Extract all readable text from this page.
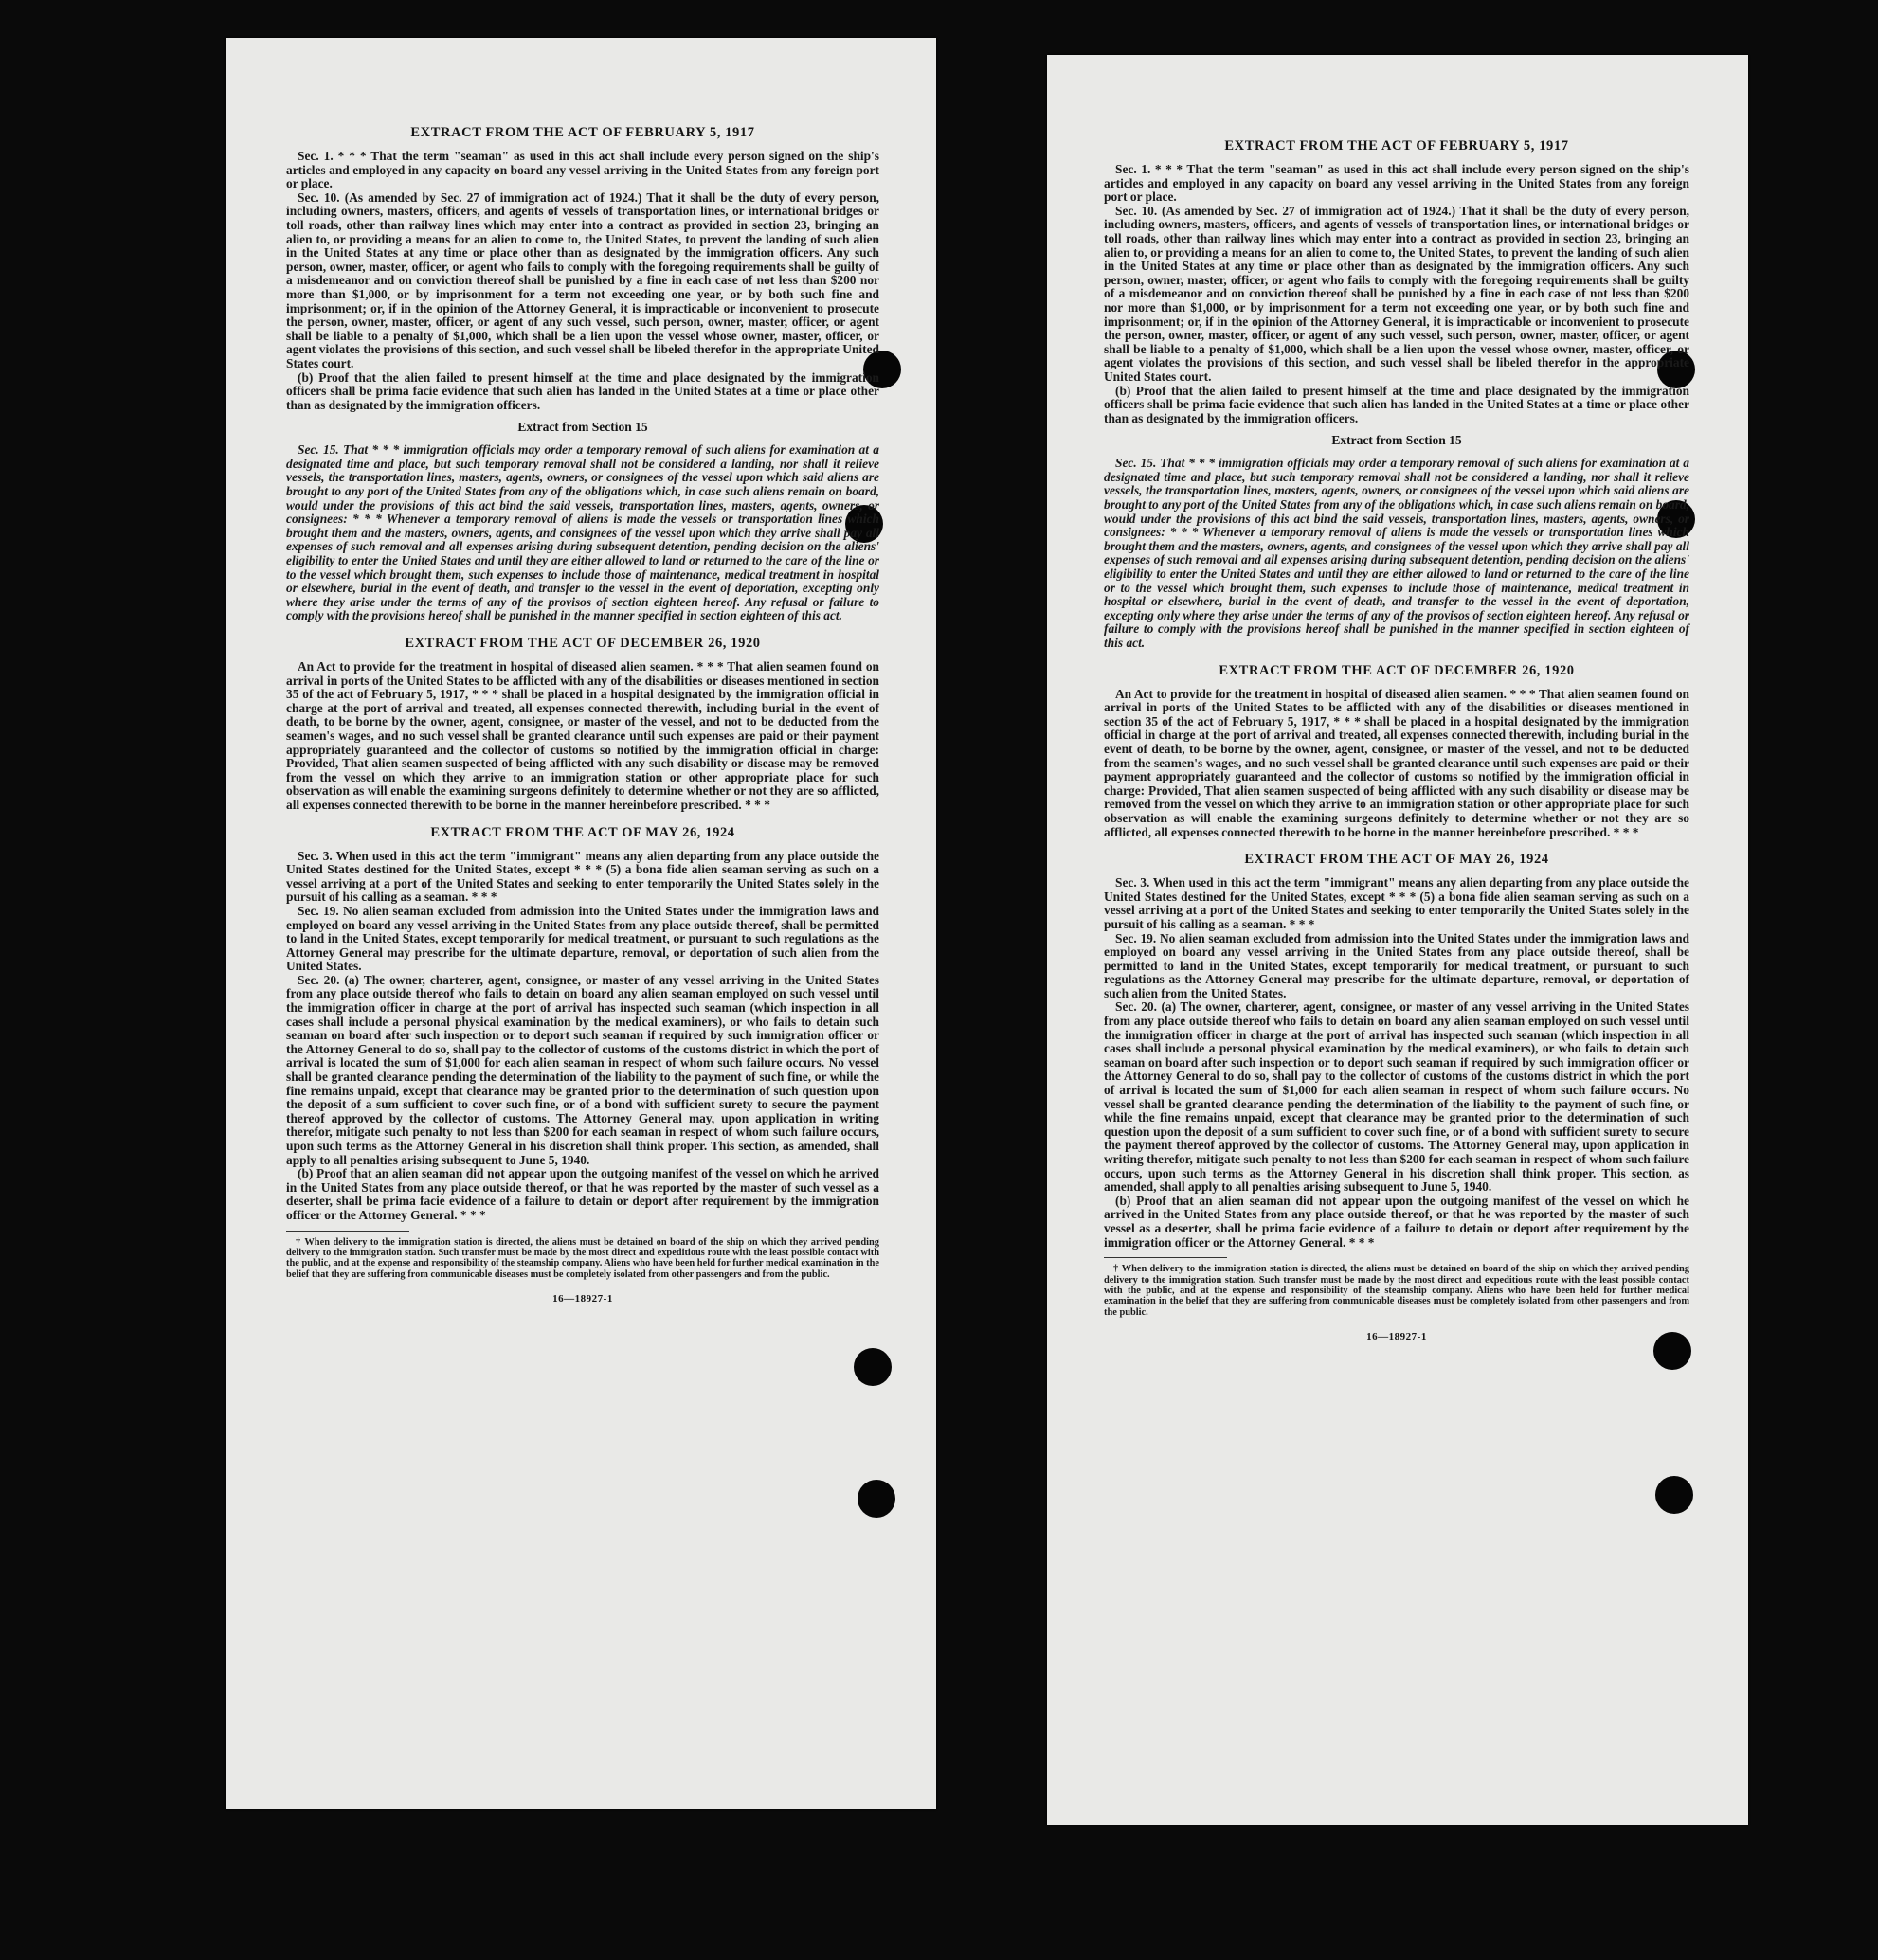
EXTRACT FROM THE ACT OF FEBRUARY 5, 1917

Sec. 1. * * * That the term "seaman" as used in this act shall include every person signed on the ship's articles and employed in any capacity on board any vessel arriving in the United States from any foreign port or place.

Sec. 10. (As amended by Sec. 27 of immigration act of 1924.) That it shall be the duty of every person, including owners, masters, officers, and agents of vessels of transportation lines, or international bridges or toll roads, other than railway lines which may enter into a contract as provided in section 23, bringing an alien to, or providing a means for an alien to come to, the United States, to prevent the landing of such alien in the United States at any time or place other than as designated by the immigration officers. Any such person, owner, master, officer, or agent who fails to comply with the foregoing requirements shall be guilty of a misdemeanor and on conviction thereof shall be punished by a fine in each case of not less than $200 nor more than $1,000, or by imprisonment for a term not exceeding one year, or by both such fine and imprisonment; or, if in the opinion of the Attorney General, it is impracticable or inconvenient to prosecute the person, owner, master, officer, or agent of any such vessel, such person, owner, master, officer, or agent shall be liable to a penalty of $1,000, which shall be a lien upon the vessel whose owner, master, officer, or agent violates the provisions of this section, and such vessel shall be libeled therefor in the appropriate United States court.

(b) Proof that the alien failed to present himself at the time and place designated by the immigration officers shall be prima facie evidence that such alien has landed in the United States at a time or place other than as designated by the immigration officers.

Extract from Section 15

Sec. 15. That * * * immigration officials may order a temporary removal of such aliens for examination at a designated time and place, but such temporary removal shall not be considered a landing, nor shall it relieve vessels, the transportation lines, masters, agents, owners, or consignees of the vessel upon which said aliens are brought to any port of the United States from any of the obligations which, in case such aliens remain on board, would under the provisions of this act bind the said vessels, transportation lines, masters, agents, owners, or consignees: * * * Whenever a temporary removal of aliens is made the vessels or transportation lines which brought them and the masters, owners, agents, and consignees of the vessel upon which they arrive shall pay all expenses of such removal and all expenses arising during subsequent detention, pending decision on the aliens' eligibility to enter the United States and until they are either allowed to land or returned to the care of the line or to the vessel which brought them, such expenses to include those of maintenance, medical treatment in hospital or elsewhere, burial in the event of death, and transfer to the vessel in the event of deportation, excepting only where they arise under the terms of any of the provisos of section eighteen hereof. Any refusal or failure to comply with the provisions hereof shall be punished in the manner specified in section eighteen of this act.

EXTRACT FROM THE ACT OF DECEMBER 26, 1920

An Act to provide for the treatment in hospital of diseased alien seamen. * * * That alien seamen found on arrival in ports of the United States to be afflicted with any of the disabilities or diseases mentioned in section 35 of the act of February 5, 1917, * * * shall be placed in a hospital designated by the immigration official in charge at the port of arrival and treated, all expenses connected therewith, including burial in the event of death, to be borne by the owner, agent, consignee, or master of the vessel, and not to be deducted from the seamen's wages, and no such vessel shall be granted clearance until such expenses are paid or their payment appropriately guaranteed and the collector of customs so notified by the immigration official in charge: Provided, That alien seamen suspected of being afflicted with any such disability or disease may be removed from the vessel on which they arrive to an immigration station or other appropriate place for such observation as will enable the examining surgeons definitely to determine whether or not they are so afflicted, all expenses connected therewith to be borne in the manner hereinbefore prescribed. * * *

EXTRACT FROM THE ACT OF MAY 26, 1924

Sec. 3. When used in this act the term "immigrant" means any alien departing from any place outside the United States destined for the United States, except * * * (5) a bona fide alien seaman serving as such on a vessel arriving at a port of the United States and seeking to enter temporarily the United States solely in the pursuit of his calling as a seaman. * * *

Sec. 19. No alien seaman excluded from admission into the United States under the immigration laws and employed on board any vessel arriving in the United States from any place outside thereof, shall be permitted to land in the United States, except temporarily for medical treatment, or pursuant to such regulations as the Attorney General may prescribe for the ultimate departure, removal, or deportation of such alien from the United States.

Sec. 20. (a) The owner, charterer, agent, consignee, or master of any vessel arriving in the United States from any place outside thereof who fails to detain on board any alien seaman employed on such vessel until the immigration officer in charge at the port of arrival has inspected such seaman (which inspection in all cases shall include a personal physical examination by the medical examiners), or who fails to detain such seaman on board after such inspection or to deport such seaman if required by such immigration officer or the Attorney General to do so, shall pay to the collector of customs of the customs district in which the port of arrival is located the sum of $1,000 for each alien seaman in respect of whom such failure occurs. No vessel shall be granted clearance pending the determination of the liability to the payment of such fine, or while the fine remains unpaid, except that clearance may be granted prior to the determination of such question upon the deposit of a sum sufficient to cover such fine, or of a bond with sufficient surety to secure the payment thereof approved by the collector of customs. The Attorney General may, upon application in writing therefor, mitigate such penalty to not less than $200 for each seaman in respect of whom such failure occurs, upon such terms as the Attorney General in his discretion shall think proper. This section, as amended, shall apply to all penalties arising subsequent to June 5, 1940.

(b) Proof that an alien seaman did not appear upon the outgoing manifest of the vessel on which he arrived in the United States from any place outside thereof, or that he was reported by the master of such vessel as a deserter, shall be prima facie evidence of a failure to detain or deport after requirement by the immigration officer or the Attorney General. * * *

† When delivery to the immigration station is directed, the aliens must be detained on board of the ship on which they arrived pending delivery to the immigration station. Such transfer must be made by the most direct and expeditious route with the least possible contact with the public, and at the expense and responsibility of the steamship company. Aliens who have been held for further medical examination in the belief that they are suffering from communicable diseases must be completely isolated from other passengers and from the public.

16—18927-1
EXTRACT FROM THE ACT OF FEBRUARY 5, 1917

Sec. 1. * * * That the term "seaman" as used in this act shall include every person signed on the ship's articles and employed in any capacity on board any vessel arriving in the United States from any foreign port or place.

Sec. 10. (As amended by Sec. 27 of immigration act of 1924.) That it shall be the duty of every person, including owners, masters, officers, and agents of vessels of transportation lines, or international bridges or toll roads, other than railway lines which may enter into a contract as provided in section 23, bringing an alien to, or providing a means for an alien to come to, the United States, to prevent the landing of such alien in the United States at any time or place other than as designated by the immigration officers. Any such person, owner, master, officer, or agent who fails to comply with the foregoing requirements shall be guilty of a misdemeanor and on conviction thereof shall be punished by a fine in each case of not less than $200 nor more than $1,000, or by imprisonment for a term not exceeding one year, or by both such fine and imprisonment; or, if in the opinion of the Attorney General, it is impracticable or inconvenient to prosecute the person, owner, master, officer, or agent of any such vessel, such person, owner, master, officer, or agent shall be liable to a penalty of $1,000, which shall be a lien upon the vessel whose owner, master, officer, or agent violates the provisions of this section, and such vessel shall be libeled therefor in the appropriate United States court.

(b) Proof that the alien failed to present himself at the time and place designated by the immigration officers shall be prima facie evidence that such alien has landed in the United States at a time or place other than as designated by the immigration officers.

Extract from Section 15

Sec. 15. That * * * immigration officials may order a temporary removal of such aliens for examination at a designated time and place, but such temporary removal shall not be considered a landing, nor shall it relieve vessels, the transportation lines, masters, agents, owners, or consignees of the vessel upon which said aliens are brought to any port of the United States from any of the obligations which, in case such aliens remain on board, would under the provisions of this act bind the said vessels, transportation lines, masters, agents, owners, or consignees: * * * Whenever a temporary removal of aliens is made the vessels or transportation lines which brought them and the masters, owners, agents, and consignees of the vessel upon which they arrive shall pay all expenses of such removal and all expenses arising during subsequent detention, pending decision on the aliens' eligibility to enter the United States and until they are either allowed to land or returned to the care of the line or to the vessel which brought them, such expenses to include those of maintenance, medical treatment in hospital or elsewhere, burial in the event of death, and transfer to the vessel in the event of deportation, excepting only where they arise under the terms of any of the provisos of section eighteen hereof. Any refusal or failure to comply with the provisions hereof shall be punished in the manner specified in section eighteen of this act.

EXTRACT FROM THE ACT OF DECEMBER 26, 1920

An Act to provide for the treatment in hospital of diseased alien seamen. * * * That alien seamen found on arrival in ports of the United States to be afflicted with any of the disabilities or diseases mentioned in section 35 of the act of February 5, 1917, * * * shall be placed in a hospital designated by the immigration official in charge at the port of arrival and treated, all expenses connected therewith, including burial in the event of death, to be borne by the owner, agent, consignee, or master of the vessel, and not to be deducted from the seamen's wages, and no such vessel shall be granted clearance until such expenses are paid or their payment appropriately guaranteed and the collector of customs so notified by the immigration official in charge: Provided, That alien seamen suspected of being afflicted with any such disability or disease may be removed from the vessel on which they arrive to an immigration station or other appropriate place for such observation as will enable the examining surgeons definitely to determine whether or not they are so afflicted, all expenses connected therewith to be borne in the manner hereinbefore prescribed. * * *

EXTRACT FROM THE ACT OF MAY 26, 1924

Sec. 3. When used in this act the term "immigrant" means any alien departing from any place outside the United States destined for the United States, except * * * (5) a bona fide alien seaman serving as such on a vessel arriving at a port of the United States and seeking to enter temporarily the United States solely in the pursuit of his calling as a seaman. * * *

Sec. 19. No alien seaman excluded from admission into the United States under the immigration laws and employed on board any vessel arriving in the United States from any place outside thereof, shall be permitted to land in the United States, except temporarily for medical treatment, or pursuant to such regulations as the Attorney General may prescribe for the ultimate departure, removal, or deportation of such alien from the United States.

Sec. 20. (a) The owner, charterer, agent, consignee, or master of any vessel arriving in the United States from any place outside thereof who fails to detain on board any alien seaman employed on such vessel until the immigration officer in charge at the port of arrival has inspected such seaman (which inspection in all cases shall include a personal physical examination by the medical examiners), or who fails to detain such seaman on board after such inspection or to deport such seaman if required by such immigration officer or the Attorney General to do so, shall pay to the collector of customs of the customs district in which the port of arrival is located the sum of $1,000 for each alien seaman in respect of whom such failure occurs. No vessel shall be granted clearance pending the determination of the liability to the payment of such fine, or while the fine remains unpaid, except that clearance may be granted prior to the determination of such question upon the deposit of a sum sufficient to cover such fine, or of a bond with sufficient surety to secure the payment thereof approved by the collector of customs. The Attorney General may, upon application in writing therefor, mitigate such penalty to not less than $200 for each seaman in respect of whom such failure occurs, upon such terms as the Attorney General in his discretion shall think proper. This section, as amended, shall apply to all penalties arising subsequent to June 5, 1940.

(b) Proof that an alien seaman did not appear upon the outgoing manifest of the vessel on which he arrived in the United States from any place outside thereof, or that he was reported by the master of such vessel as a deserter, shall be prima facie evidence of a failure to detain or deport after requirement by the immigration officer or the Attorney General. * * *

† When delivery to the immigration station is directed, the aliens must be detained on board of the ship on which they arrived pending delivery to the immigration station. Such transfer must be made by the most direct and expeditious route with the least possible contact with the public, and at the expense and responsibility of the steamship company. Aliens who have been held for further medical examination in the belief that they are suffering from communicable diseases must be completely isolated from other passengers and from the public.

16—18927-1
